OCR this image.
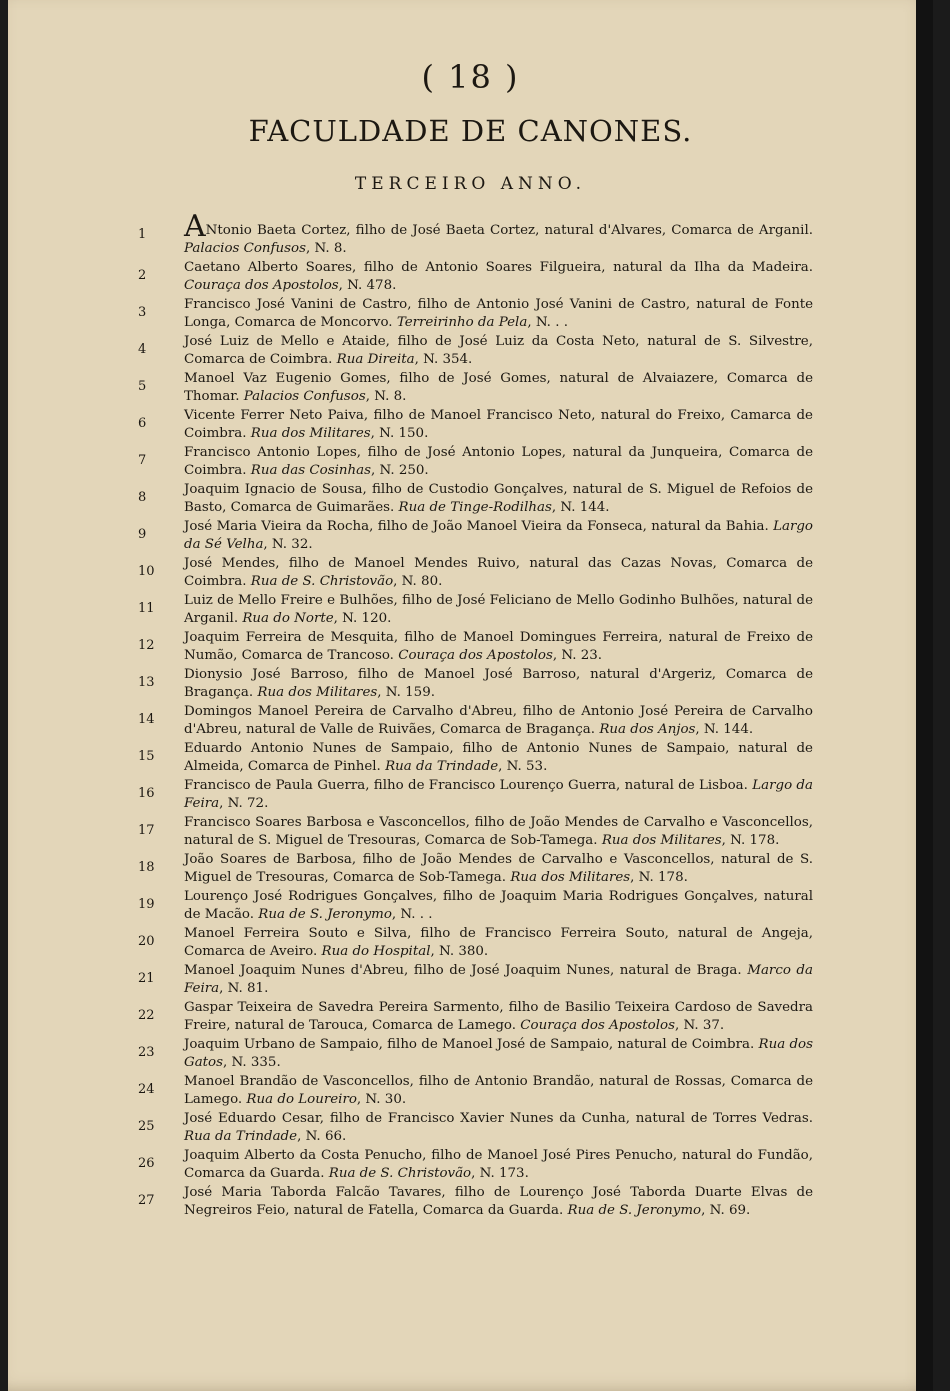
( 18 )
FACULDADE DE CANONES.
TERCEIRO ANNO.
1	ANtonio Baeta Cortez, filho de José Baeta Cortez, natural d'Alvares, Comarca de Arganil. Palacios Confusos, N. 8.
2
Caetano Alberto Soares, filho de Antonio Soares Filgueira, natural da Ilha da Madeira. Couraça dos Apostolos, N. 478.
3
Francisco José Vanini de Castro, filho de Antonio José Vanini de Castro, natural de Fonte Longa, Comarca de Moncorvo. Terreirinho da Pela, N. . .
4
José Luiz de Mello e Ataide, filho de José Luiz da Costa Neto, natural de S. Silvestre, Comarca de Coimbra. Rua Direita, N. 354.
5
Manoel Vaz Eugenio Gomes, filho de José Gomes, natural de Alvaiazere, Comarca de Thomar. Palacios Confusos, N. 8.
6
Vicente Ferrer Neto Paiva, filho de Manoel Francisco Neto, natural do Freixo, Camarca de Coimbra. Rua dos Militares, N. 150.
7
Francisco Antonio Lopes, filho de José Antonio Lopes, natural da Junqueira, Comarca de Coimbra. Rua das Cosinhas, N. 250.
8
Joaquim Ignacio de Sousa, filho de Custodio Gonçalves, natural de S. Miguel de Refoios de Basto, Comarca de Guimarães. Rua de Tinge-Rodilhas, N. 144.
9
José Maria Vieira da Rocha, filho de João Manoel Vieira da Fonseca, natural da Bahia. Largo da Sé Velha, N. 32.
10
José Mendes, filho de Manoel Mendes Ruivo, natural das Cazas Novas, Comarca de Coimbra. Rua de S. Christovão, N. 80.
11
Luiz de Mello Freire e Bulhões, filho de José Feliciano de Mello Godinho Bulhões, natural de Arganil. Rua do Norte, N. 120.
12
Joaquim Ferreira de Mesquita, filho de Manoel Domingues Ferreira, natural de Freixo de Numão, Comarca de Trancoso. Couraça dos Apostolos, N. 23.
13
Dionysio José Barroso, filho de Manoel José Barroso, natural d'Argeriz, Comarca de Bragança. Rua dos Militares, N. 159.
14
Domingos Manoel Pereira de Carvalho d'Abreu, filho de Antonio José Pereira de Carvalho d'Abreu, natural de Valle de Ruivães, Comarca de Bragança. Rua dos Anjos, N. 144.
15
Eduardo Antonio Nunes de Sampaio, filho de Antonio Nunes de Sampaio, natural de Almeida, Comarca de Pinhel. Rua da Trindade, N. 53.
16
Francisco de Paula Guerra, filho de Francisco Lourenço Guerra, natural de Lisboa. Largo da Feira, N. 72.
17
Francisco Soares Barbosa e Vasconcellos, filho de João Mendes de Carvalho e Vasconcellos, natural de S. Miguel de Tresouras, Comarca de Sob-Tamega. Rua dos Militares, N. 178.
18
João Soares de Barbosa, filho de João Mendes de Carvalho e Vasconcellos, natural de S. Miguel de Tresouras, Comarca de Sob-Tamega. Rua dos Militares, N. 178.
19
Lourenço José Rodrigues Gonçalves, filho de Joaquim Maria Rodrigues Gonçalves, natural de Macão. Rua de S. Jeronymo, N. . .
20
Manoel Ferreira Souto e Silva, filho de Francisco Ferreira Souto, natural de Angeja, Comarca de Aveiro. Rua do Hospital, N. 380.
21
Manoel Joaquim Nunes d'Abreu, filho de José Joaquim Nunes, natural de Braga. Marco da Feira, N. 81.
22
Gaspar Teixeira de Savedra Pereira Sarmento, filho de Basilio Teixeira Cardoso de Savedra Freire, natural de Tarouca, Comarca de Lamego. Couraça dos Apostolos, N. 37.
23
Joaquim Urbano de Sampaio, filho de Manoel José de Sampaio, natural de Coimbra. Rua dos Gatos, N. 335.
24
Manoel Brandão de Vasconcellos, filho de Antonio Brandão, natural de Rossas, Comarca de Lamego. Rua do Loureiro, N. 30.
25
José Eduardo Cesar, filho de Francisco Xavier Nunes da Cunha, natural de Torres Vedras. Rua da Trindade, N. 66.
26
Joaquim Alberto da Costa Penucho, filho de Manoel José Pires Penucho, natural do Fundão, Comarca da Guarda. Rua de S. Christovão, N. 173.
27
José Maria Taborda Falcão Tavares, filho de Lourenço José Taborda Duarte Elvas de Negreiros Feio, natural de Fatella, Comarca da Guarda. Rua de S. Jeronymo, N. 69.
